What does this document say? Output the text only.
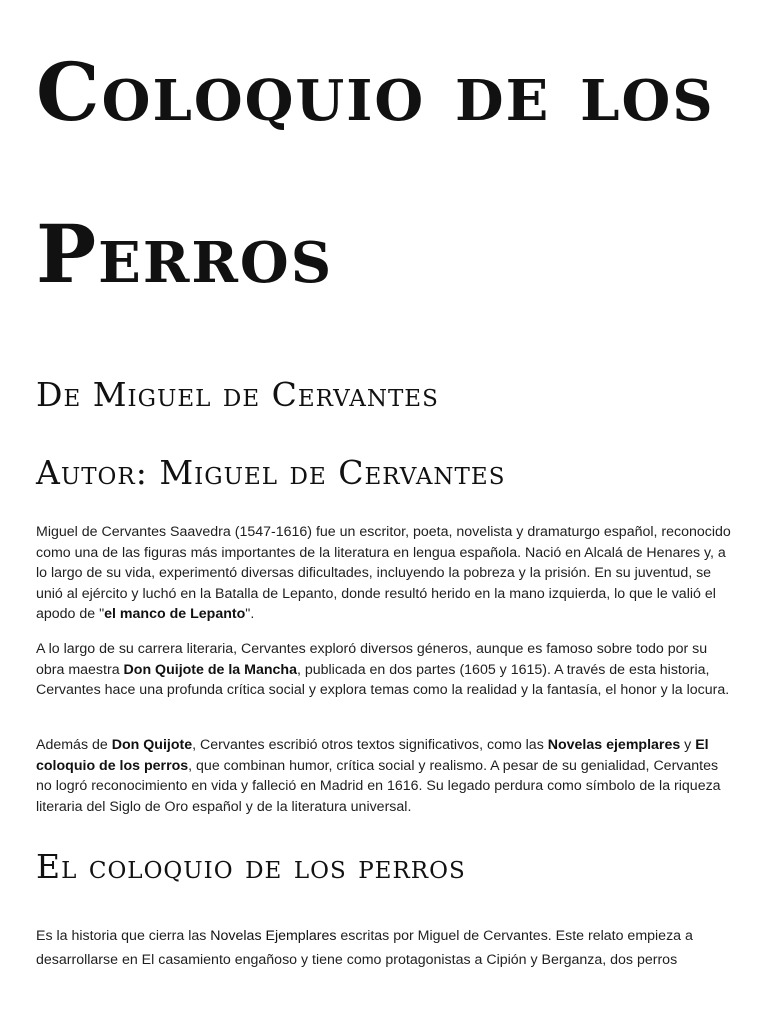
Coloquio de los
Perros
De Miguel de Cervantes
Autor: Miguel de Cervantes

Miguel de Cervantes Saavedra (1547-1616) fue un escritor, poeta, novelista y dramaturgo español, reconocido como una de las figuras más importantes de la literatura en lengua española. Nació en Alcalá de Henares y, a lo largo de su vida, experimentó diversas dificultades, incluyendo la pobreza y la prisión. En su juventud, se unió al ejército y luchó en la Batalla de Lepanto, donde resultó herido en la mano izquierda, lo que le valió el apodo de "el manco de Lepanto".

A lo largo de su carrera literaria, Cervantes exploró diversos géneros, aunque es famoso sobre todo por su obra maestra Don Quijote de la Mancha, publicada en dos partes (1605 y 1615). A través de esta historia, Cervantes hace una profunda crítica social y explora temas como la realidad y la fantasía, el honor y la locura.

Además de Don Quijote, Cervantes escribió otros textos significativos, como las Novelas ejemplares y El coloquio de los perros, que combinan humor, crítica social y realismo. A pesar de su genialidad, Cervantes no logró reconocimiento en vida y falleció en Madrid en 1616. Su legado perdura como símbolo de la riqueza literaria del Siglo de Oro español y de la literatura universal.

El coloquio de los perros

Es la historia que cierra las Novelas Ejemplares escritas por Miguel de Cervantes. Este relato empieza a desarrollarse en El casamiento engañoso y tiene como protagonistas a Cipión y Berganza, dos perros
